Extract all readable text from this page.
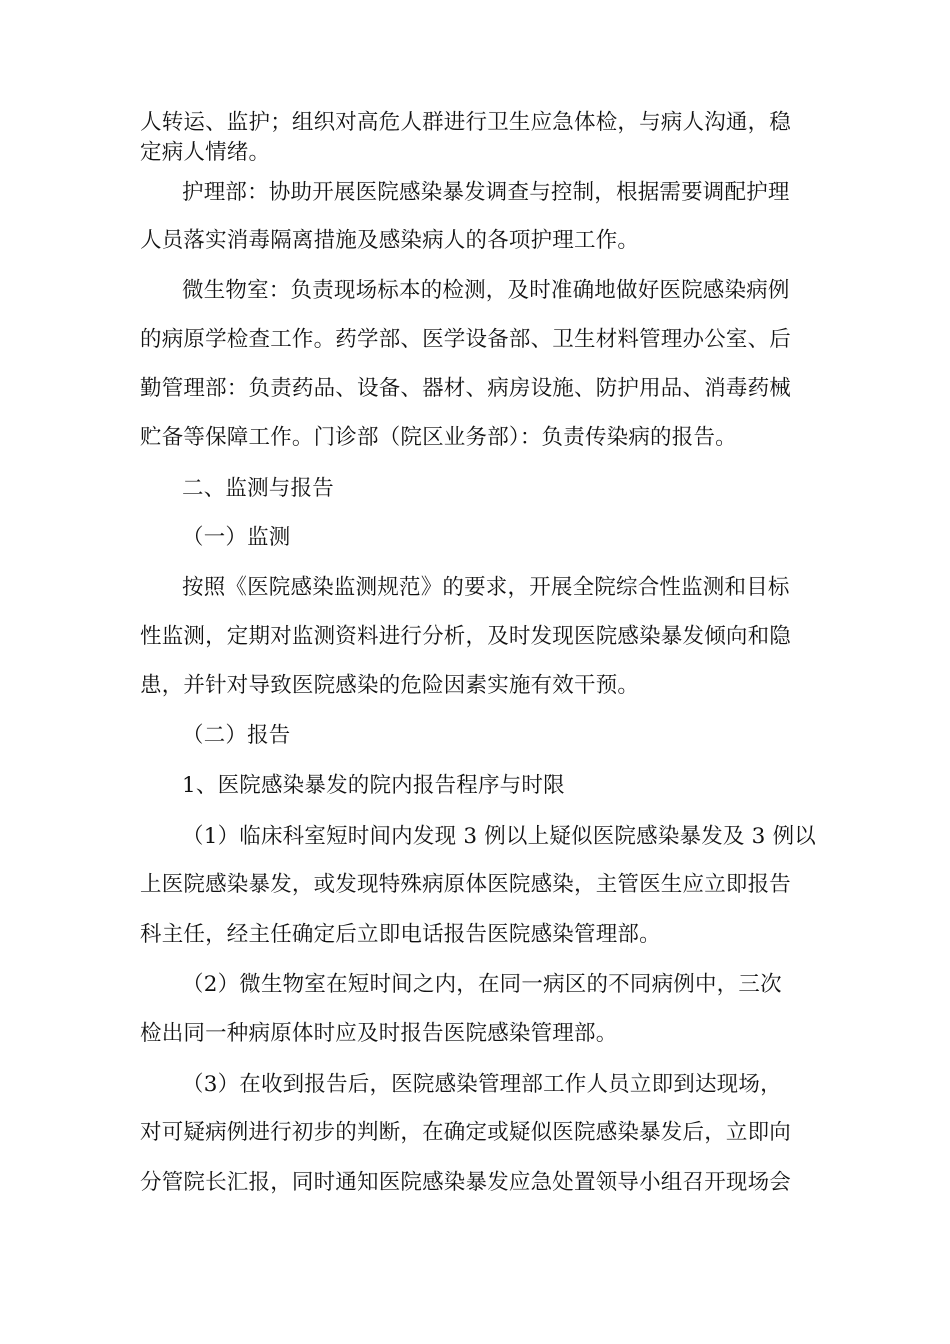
人转运、监护；组织对高危人群进行卫生应急体检，与病人沟通，稳
定病人情绪。
护理部：协助开展医院感染暴发调查与控制，根据需要调配护理
人员落实消毒隔离措施及感染病人的各项护理工作。
微生物室：负责现场标本的检测，及时准确地做好医院感染病例
的病原学检查工作。药学部、医学设备部、卫生材料管理办公室、后
勤管理部：负责药品、设备、器材、病房设施、防护用品、消毒药械
贮备等保障工作。门诊部（院区业务部）：负责传染病的报告。
二、监测与报告
（一）监测
按照《医院感染监测规范》的要求，开展全院综合性监测和目标
性监测，定期对监测资料进行分析，及时发现医院感染暴发倾向和隐
患，并针对导致医院感染的危险因素实施有效干预。
（二）报告
1、医院感染暴发的院内报告程序与时限
（1）临床科室短时间内发现 3 例以上疑似医院感染暴发及 3 例以
上医院感染暴发，或发现特殊病原体医院感染，主管医生应立即报告
科主任，经主任确定后立即电话报告医院感染管理部。
（2）微生物室在短时间之内，在同一病区的不同病例中，三次
检出同一种病原体时应及时报告医院感染管理部。
（3）在收到报告后，医院感染管理部工作人员立即到达现场，
对可疑病例进行初步的判断，在确定或疑似医院感染暴发后，立即向
分管院长汇报，同时通知医院感染暴发应急处置领导小组召开现场会
